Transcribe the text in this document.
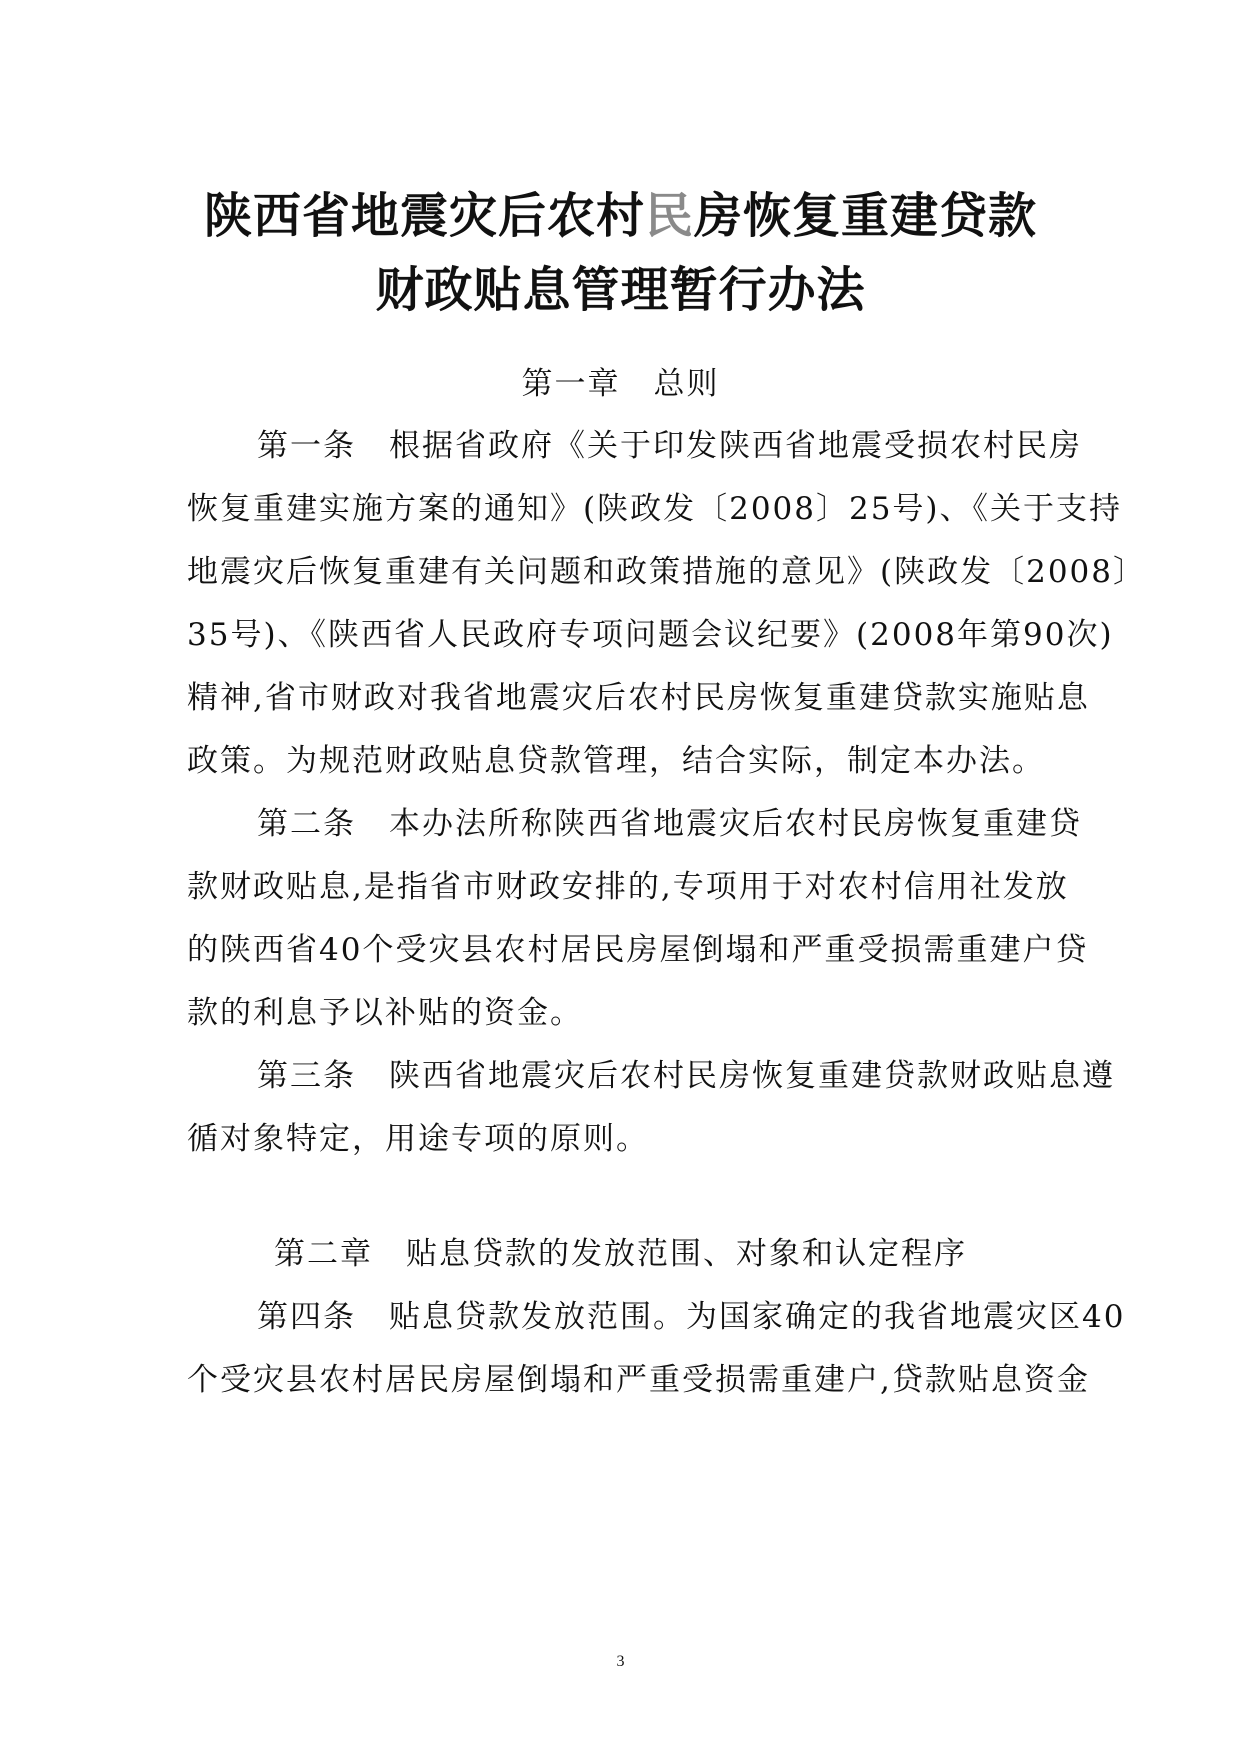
陕西省地震灾后农村民房恢复重建贷款
财政贴息管理暂行办法
第一章　总则
第一条　根据省政府《关于印发陕西省地震受损农村民房
恢复重建实施方案的通知》(陕政发〔2008〕25号)、《关于支持
地震灾后恢复重建有关问题和政策措施的意见》(陕政发〔2008〕
35号)、《陕西省人民政府专项问题会议纪要》(2008年第90次)
精神,省市财政对我省地震灾后农村民房恢复重建贷款实施贴息
政策。为规范财政贴息贷款管理，结合实际，制定本办法。
第二条　本办法所称陕西省地震灾后农村民房恢复重建贷
款财政贴息,是指省市财政安排的,专项用于对农村信用社发放
的陕西省40个受灾县农村居民房屋倒塌和严重受损需重建户贷
款的利息予以补贴的资金。
第三条　陕西省地震灾后农村民房恢复重建贷款财政贴息遵
循对象特定，用途专项的原则。
第二章　贴息贷款的发放范围、对象和认定程序
第四条　贴息贷款发放范围。为国家确定的我省地震灾区40
个受灾县农村居民房屋倒塌和严重受损需重建户,贷款贴息资金
3
